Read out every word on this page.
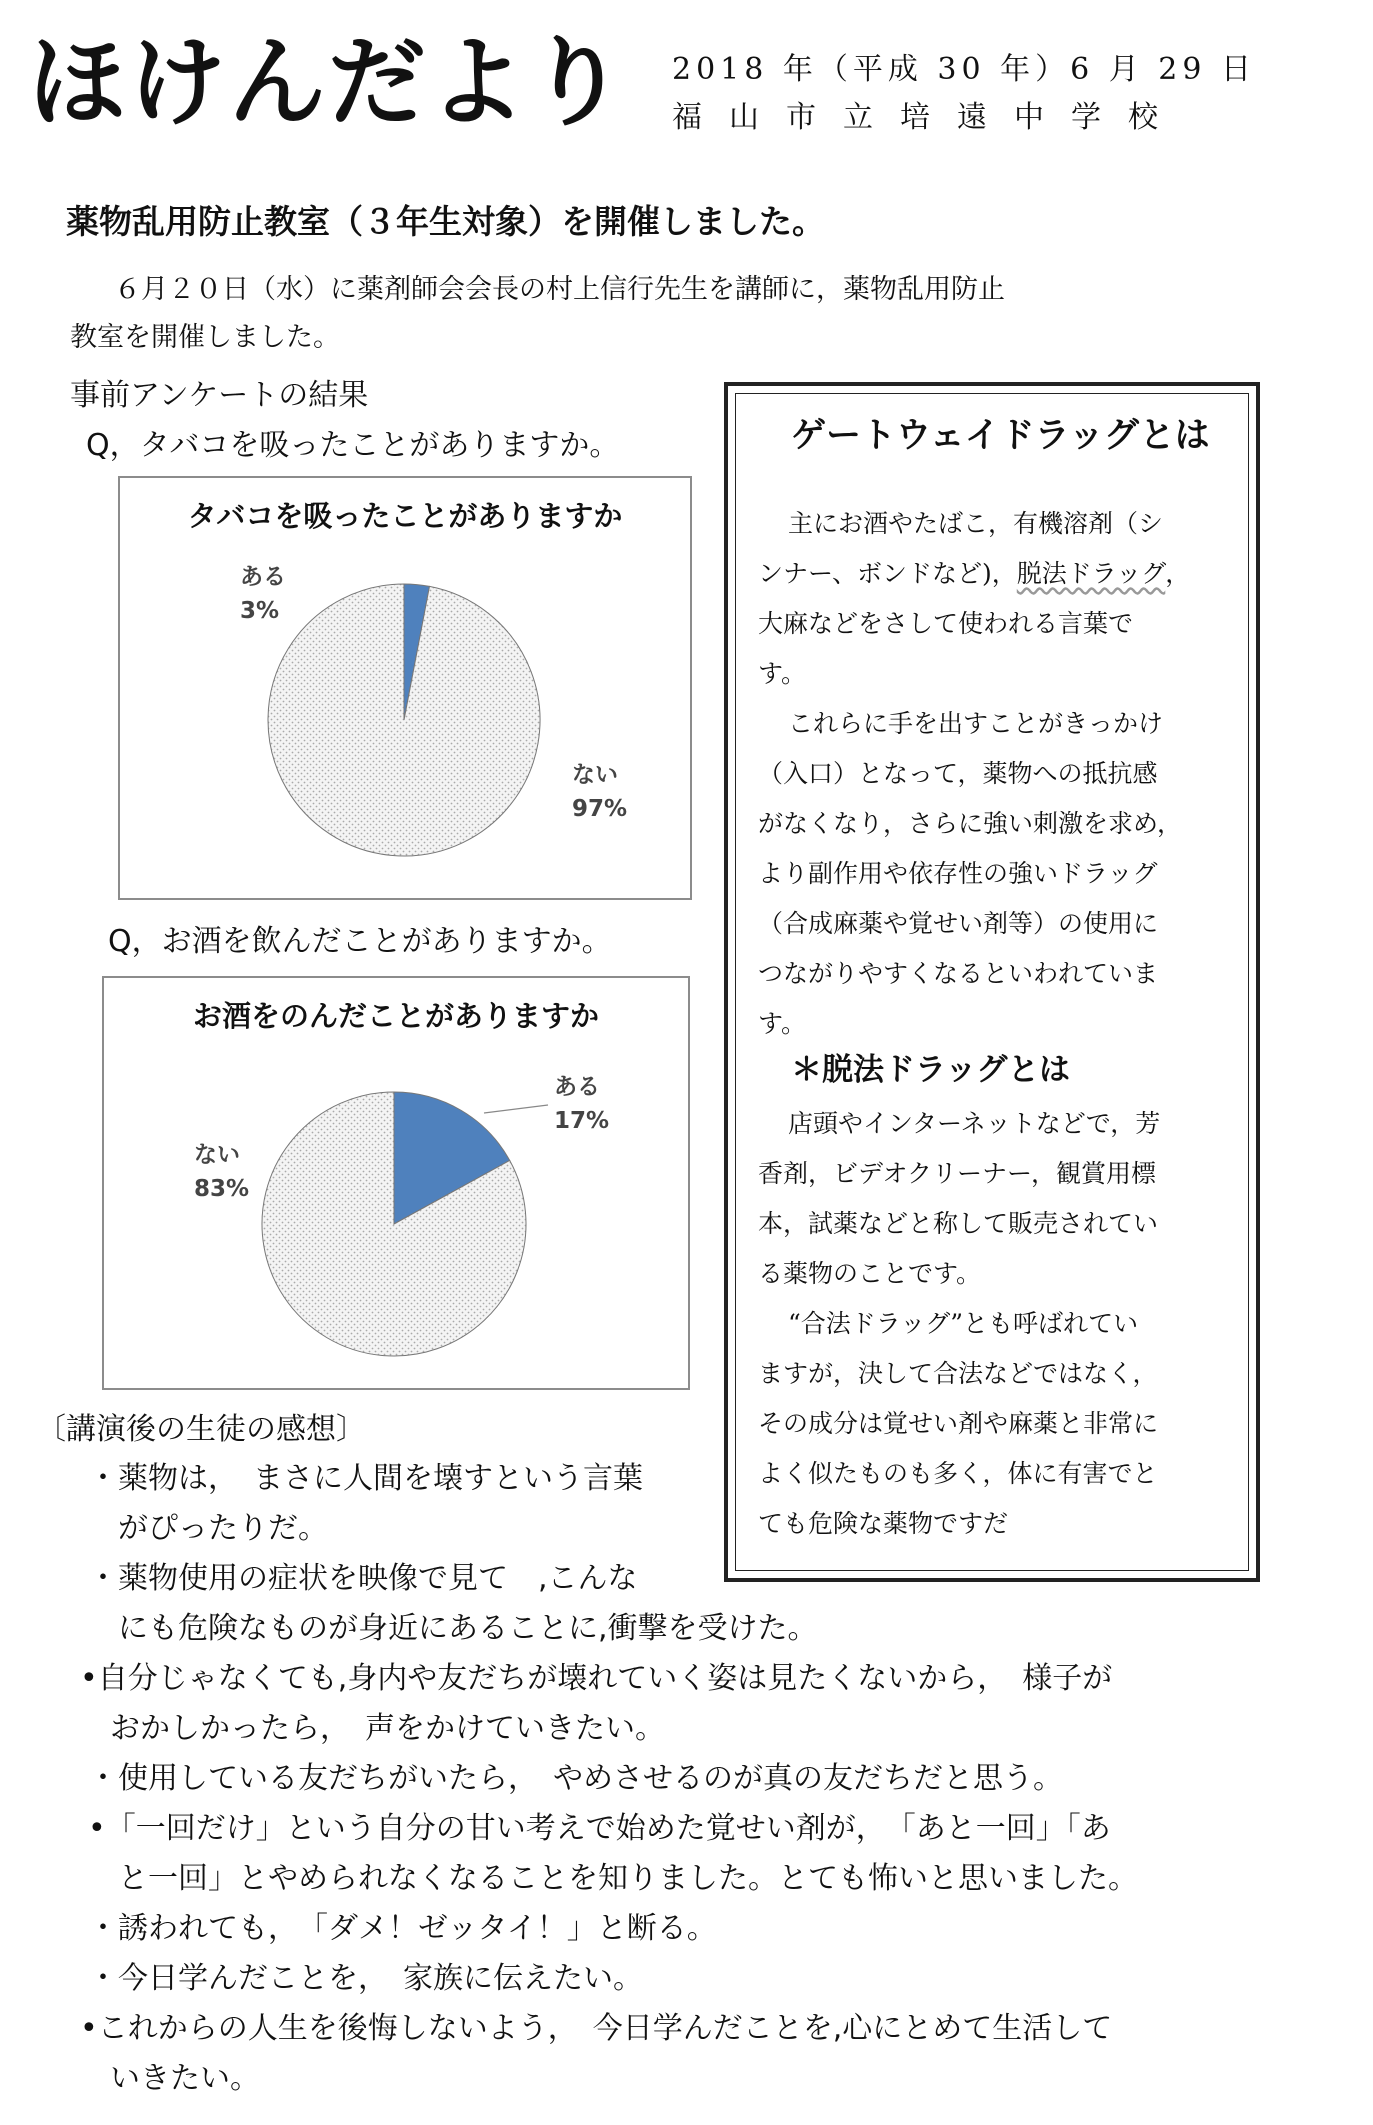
ほけんだより 2018 年（平成 30 年）6 月 29 日
福山市立培遠中学校
薬物乱用防止教室（３年生対象）を開催しました。
６月２０日（水）に薬剤師会会長の村上信行先生を講師に，薬物乱用防止
教室を開催しました。
事前アンケートの結果
Q，タバコを吸ったことがありますか。
タバコを吸ったことがありますか
ある
3%
ない
97%
Q，お酒を飲んだことがありますか。
お酒をのんだことがありますか
ある
17%
ない
83%
ゲートウェイドラッグとは
主にお酒やたばこ，有機溶剤（シ
ンナー、ボンドなど)，脱法ドラッグ，
大麻などをさして使われる言葉で
す。
これらに手を出すことがきっかけ
（入口）となって，薬物への抵抗感
がなくなり，さらに強い刺激を求め，
より副作用や依存性の強いドラッグ
（合成麻薬や覚せい剤等）の使用に
つながりやすくなるといわれていま
す。
＊脱法ドラッグとは
店頭やインターネットなどで，芳
香剤，ビデオクリーナー，観賞用標
本，試薬などと称して販売されてい
る薬物のことです。
“合法ドラッグ”とも呼ばれてい
ますが，決して合法などではなく，
その成分は覚せい剤や麻薬と非常に
よく似たものも多く，体に有害でと
ても危険な薬物ですだ
〔講演後の生徒の感想〕
・薬物は，　まさに人間を壊すという言葉
　がぴったりだ。
・薬物使用の症状を映像で見て　,こんな
　にも危険なものが身近にあることに,衝撃を受けた。
•自分じゃなくても,身内や友だちが壊れていく姿は見たくないから，　様子が
　おかしかったら，　声をかけていきたい。
・使用している友だちがいたら，　やめさせるのが真の友だちだと思う。
•「一回だけ」という自分の甘い考えで始めた覚せい剤が，　「あと一回」「あ
　と一回」とやめられなくなることを知りました。とても怖いと思いました。
・誘われても，　「ダメ！ゼッタイ！」と断る。
・今日学んだことを，　家族に伝えたい。
•これからの人生を後悔しないよう，　今日学んだことを,心にとめて生活して
　いきたい。
